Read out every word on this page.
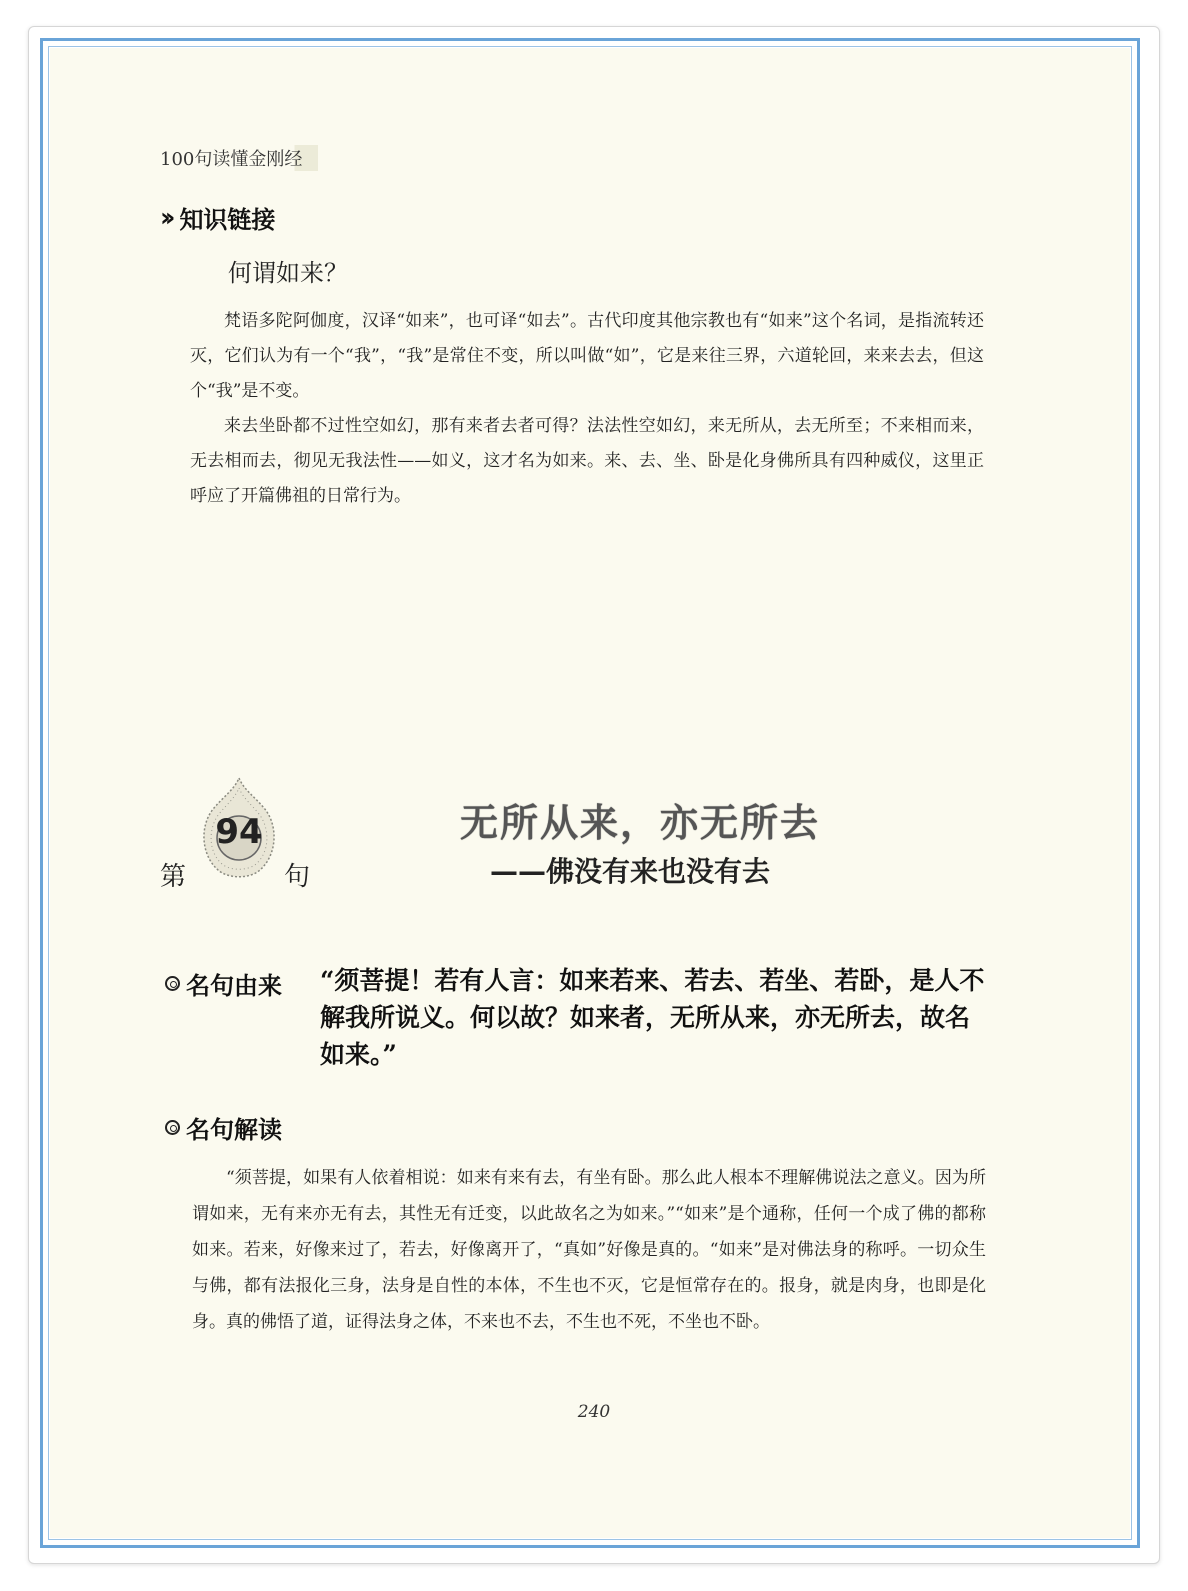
100句读懂金刚经
›› 知识链接
何谓如来？

梵语多陀阿伽度，汉译“如来”，也可译“如去”。古代印度其他宗教也有“如来”这个名词，是指流转还灭，它们认为有一个“我”，“我”是常住不变，所以叫做“如”，它是来往三界，六道轮回，来来去去，但这个“我”是不变。

来去坐卧都不过性空如幻，那有来者去者可得？法法性空如幻，来无所从，去无所至；不来相而来，无去相而去，彻见无我法性——如义，这才名为如来。来、去、坐、卧是化身佛所具有四种威仪，这里正呼应了开篇佛祖的日常行为。

94
第	句
无所从来，亦无所去
——佛没有来也没有去
名句由来 “须菩提！若有人言：如来若来、若去、若坐、若卧，是人不解我所说义。何以故？如来者，无所从来，亦无所去，故名如来。”
名句解读

“须菩提，如果有人依着相说：如来有来有去，有坐有卧。那么此人根本不理解佛说法之意义。因为所谓如来，无有来亦无有去，其性无有迁变，以此故名之为如来。”“如来”是个通称，任何一个成了佛的都称如来。若来，好像来过了，若去，好像离开了，“真如”好像是真的。“如来”是对佛法身的称呼。一切众生与佛，都有法报化三身，法身是自性的本体，不生也不灭，它是恒常存在的。报身，就是肉身，也即是化身。真的佛悟了道，证得法身之体，不来也不去，不生也不死，不坐也不卧。

240
